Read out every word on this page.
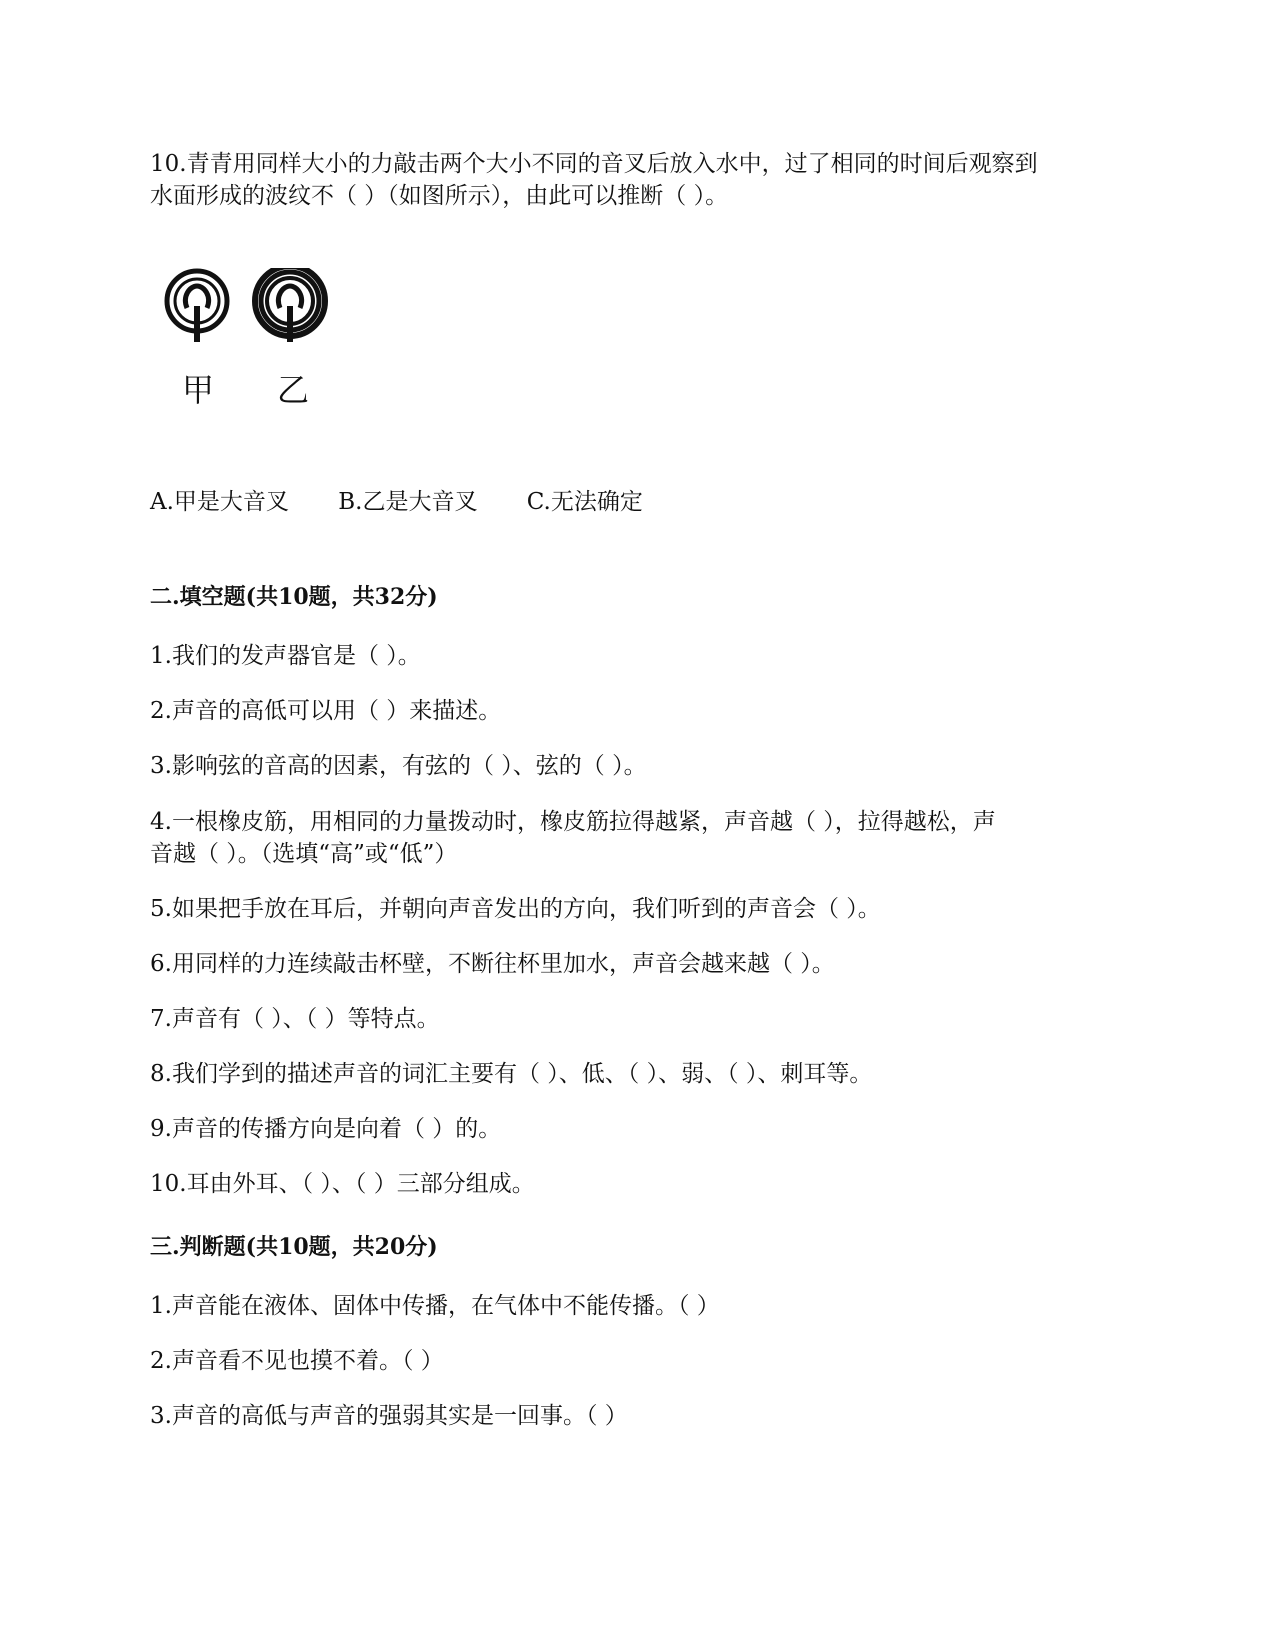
10.青青用同样大小的力敲击两个大小不同的音叉后放入水中，过了相同的时间后观察到
水面形成的波纹不（ ）（如图所示），由此可以推断（ ）。
甲 乙
A.甲是大音叉 B.乙是大音叉 C.无法确定
二.填空题(共10题，共32分)
1.我们的发声器官是（ ）。
2.声音的高低可以用（ ）来描述。
3.影响弦的音高的因素，有弦的（ ）、弦的（ ）。
4.一根橡皮筋，用相同的力量拨动时，橡皮筋拉得越紧，声音越（ ），拉得越松，声
音越（ ）。（选填“高”或“低”）
5.如果把手放在耳后，并朝向声音发出的方向，我们听到的声音会（ ）。
6.用同样的力连续敲击杯壁，不断往杯里加水，声音会越来越（ ）。
7.声音有（ ）、（ ）等特点。
8.我们学到的描述声音的词汇主要有（ ）、低、（ ）、弱、（ ）、刺耳等。
9.声音的传播方向是向着（ ）的。
10.耳由外耳、（ ）、（ ）三部分组成。
三.判断题(共10题，共20分)
1.声音能在液体、固体中传播，在气体中不能传播。（ ）
2.声音看不见也摸不着。（ ）
3.声音的高低与声音的强弱其实是一回事。（ ）
